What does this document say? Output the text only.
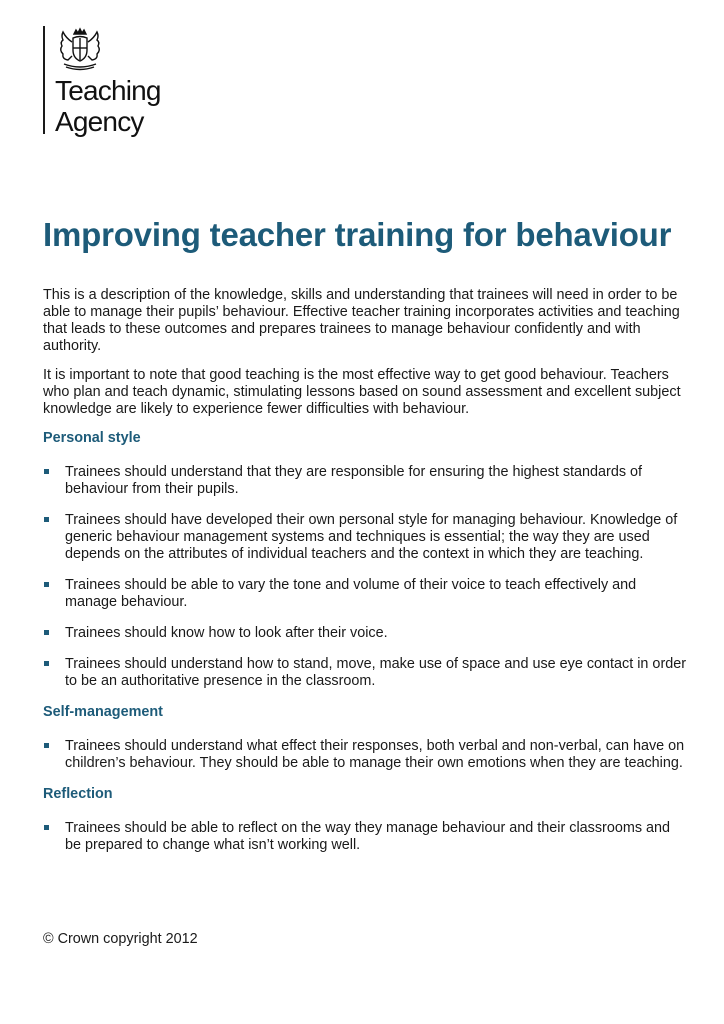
Teaching
Agency
Improving teacher training for behaviour

This is a description of the knowledge, skills and understanding that trainees will need in order to be able to manage their pupils’ behaviour. Effective teacher training incorporates activities and teaching that leads to these outcomes and prepares trainees to manage behaviour confidently and with authority.

It is important to note that good teaching is the most effective way to get good behaviour. Teachers who plan and teach dynamic, stimulating lessons based on sound assessment and excellent subject knowledge are likely to experience fewer difficulties with behaviour.

Personal style
Trainees should understand that they are responsible for ensuring the highest standards of behaviour from their pupils.
Trainees should have developed their own personal style for managing behaviour. Knowledge of generic behaviour management systems and techniques is essential; the way they are used depends on the attributes of individual teachers and the context in which they are teaching.
Trainees should be able to vary the tone and volume of their voice to teach effectively and manage behaviour.
Trainees should know how to look after their voice.
Trainees should understand how to stand, move, make use of space and use eye contact in order to be an authoritative presence in the classroom.
Self-management
Trainees should understand what effect their responses, both verbal and non-verbal, can have on children’s behaviour. They should be able to manage their own emotions when they are teaching.
Reflection
Trainees should be able to reflect on the way they manage behaviour and their classrooms and be prepared to change what isn’t working well.
© Crown copyright 2012
